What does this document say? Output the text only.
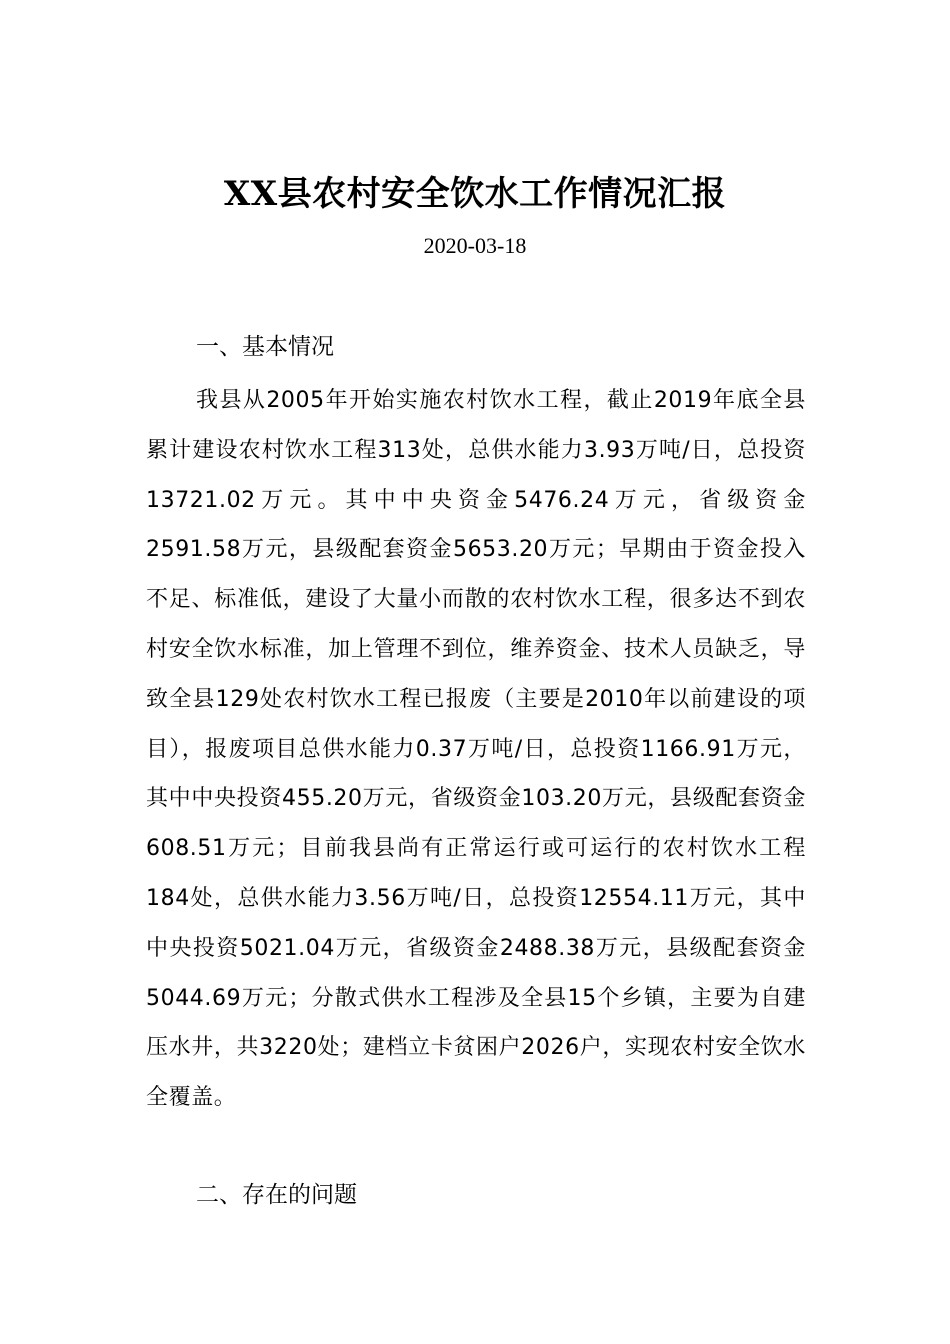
XX县农村安全饮水工作情况汇报
2020-03-18
一、基本情况

我县从2005年开始实施农村饮水工程，截止2019年底全县累计建设农村饮水工程313处，总供水能力3.93万吨/日，总投资13721.02万元。其中中央资金5476.24万元，省级资金2591.58万元，县级配套资金5653.20万元；早期由于资金投入不足、标准低，建设了大量小而散的农村饮水工程，很多达不到农村安全饮水标准，加上管理不到位，维养资金、技术人员缺乏，导致全县129处农村饮水工程已报废（主要是2010年以前建设的项目），报废项目总供水能力0.37万吨/日，总投资1166.91万元，其中中央投资455.20万元，省级资金103.20万元，县级配套资金608.51万元；目前我县尚有正常运行或可运行的农村饮水工程184处，总供水能力3.56万吨/日，总投资12554.11万元，其中中央投资5021.04万元，省级资金2488.38万元，县级配套资金5044.69万元；分散式供水工程涉及全县15个乡镇，主要为自建压水井，共3220处；建档立卡贫困户2026户，实现农村安全饮水全覆盖。

二、存在的问题
